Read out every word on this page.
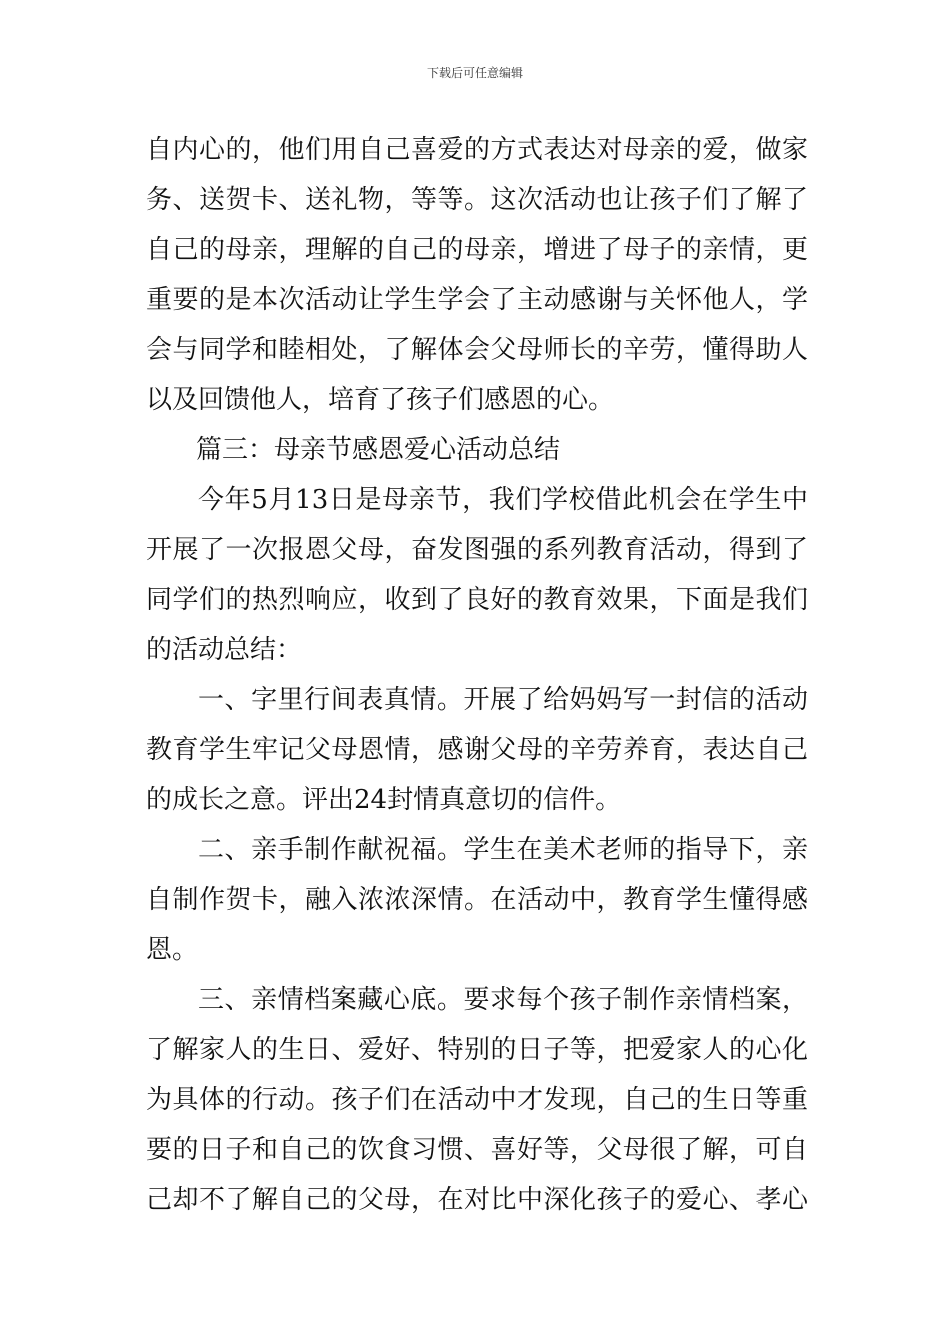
下载后可任意编辑
自内心的，他们用自己喜爱的方式表达对母亲的爱，做家
务、送贺卡、送礼物，等等。这次活动也让孩子们了解了
自己的母亲，理解的自己的母亲，增进了母子的亲情，更
重要的是本次活动让学生学会了主动感谢与关怀他人，学
会与同学和睦相处，了解体会父母师长的辛劳，懂得助人
以及回馈他人，培育了孩子们感恩的心。
篇三：母亲节感恩爱心活动总结
今年5月13日是母亲节，我们学校借此机会在学生中
开展了一次报恩父母，奋发图强的系列教育活动，得到了
同学们的热烈响应，收到了良好的教育效果，下面是我们
的活动总结：
一、字里行间表真情。开展了给妈妈写一封信的活动
教育学生牢记父母恩情，感谢父母的辛劳养育，表达自己
的成长之意。评出24封情真意切的信件。
二、亲手制作献祝福。学生在美术老师的指导下，亲
自制作贺卡，融入浓浓深情。在活动中，教育学生懂得感
恩。
三、亲情档案藏心底。要求每个孩子制作亲情档案，
了解家人的生日、爱好、特别的日子等，把爱家人的心化
为具体的行动。孩子们在活动中才发现，自己的生日等重
要的日子和自己的饮食习惯、喜好等，父母很了解，可自
己却不了解自己的父母，在对比中深化孩子的爱心、孝心
